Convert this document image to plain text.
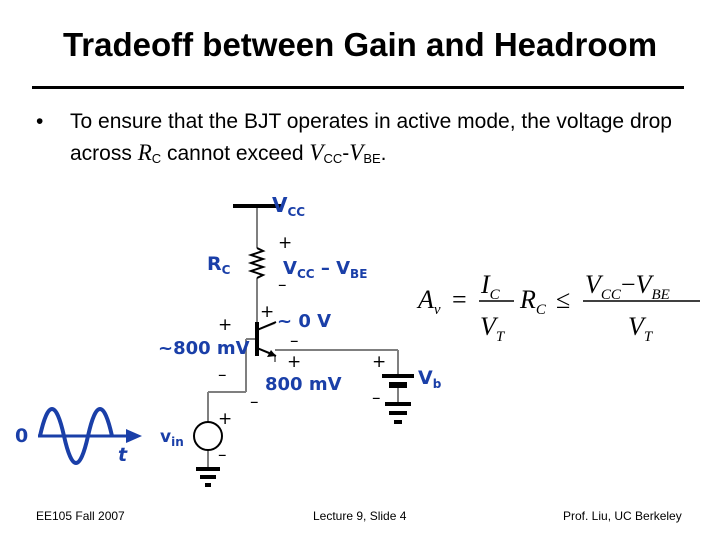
Tradeoff between Gain and Headroom
• To ensure that the BJT operates in active mode, the voltage drop across $R_C$ cannot exceed $V_{CC}-V_{BE}$.
$V_{CC}$
$R_C$	$V_{CC} - V_{BE}$
~ 0 V
~800 mV
800 mV	$V_b$
$v_{in}$
0
t
+
–
+
+
–
–
+
–
+
–
+
–
$A_v$ =
$I_C$
$V_T$
$R_C$ ≤
$V_{CC}-V_{BE}$
$V_T$
EE105 Fall 2007	Lecture 9, Slide 4	Prof. Liu, UC Berkeley
